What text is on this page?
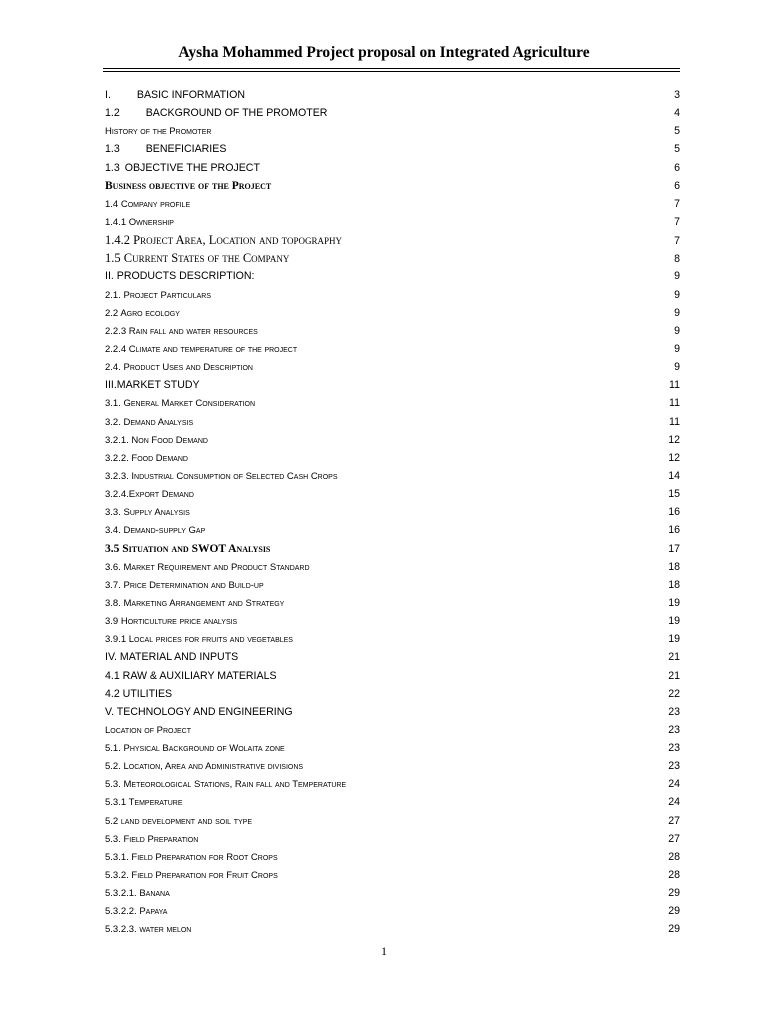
Aysha Mohammed Project proposal on Integrated Agriculture
I. BASIC INFORMATION	3
1.2 BACKGROUND OF THE PROMOTER	4
History of the Promoter	5
1.3 BENEFICIARIES	5
1.3 OBJECTIVE THE PROJECT	6
Business objective of the Project	6
1.4 Company profile	7
1.4.1 Ownership	7
1.4.2 Project Area, Location and topography	7
1.5 Current States of the Company	8
II. PRODUCTS DESCRIPTION:	9
2.1. Project Particulars	9
2.2 Agro ecology	9
2.2.3 Rain fall and water resources	9
2.2.4 Climate and temperature of the project	9
2.4. Product Uses and Description	9
III.MARKET STUDY	11
3.1. General Market Consideration	11
3.2. Demand Analysis	11
3.2.1. Non Food Demand	12
3.2.2. Food Demand	12
3.2.3. Industrial Consumption of Selected Cash Crops	14
3.2.4.Export Demand	15
3.3. Supply Analysis	16
3.4. Demand-supply Gap	16
3.5 Situation and SWOT Analysis	17
3.6. Market Requirement and Product Standard	18
3.7. Price Determination and Build-up	18
3.8. Marketing Arrangement and Strategy	19
3.9 Horticulture price analysis	19
3.9.1 Local prices for fruits and vegetables	19
IV. MATERIAL AND INPUTS	21
4.1 RAW & AUXILIARY MATERIALS	21
4.2 UTILITIES	22
V. TECHNOLOGY AND ENGINEERING	23
Location of Project	23
5.1. Physical Background of Wolaita zone	23
5.2. Location, Area and Administrative divisions	23
5.3. Meteorological Stations, Rain fall and Temperature	24
5.3.1 Temperature	24
5.2 land development and soil type	27
5.3. Field Preparation	27
5.3.1. Field Preparation for Root Crops	28
5.3.2. Field Preparation for Fruit Crops	28
5.3.2.1. Banana	29
5.3.2.2. Papaya	29
5.3.2.3. water melon	29
1
